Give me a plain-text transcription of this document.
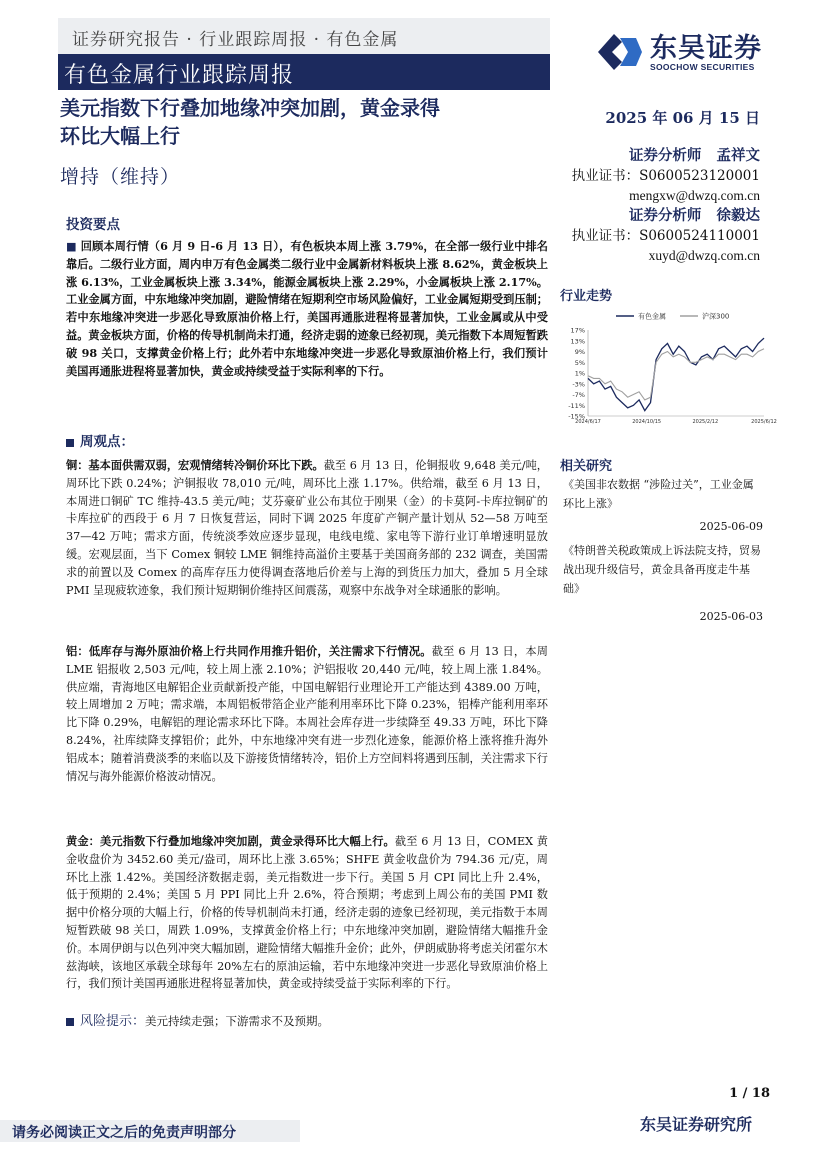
证券研究报告 · 行业跟踪周报 · 有色金属
有色金属行业跟踪周报
东吴证券
SOOCHOW SECURITIES
美元指数下行叠加地缘冲突加剧，黄金录得
环比大幅上行
增持（维持）
2025 年 06 月 15 日
证券分析师 孟祥文
执业证书：S0600523120001
mengxw@dwzq.com.cn
证券分析师 徐毅达
执业证书：S0600524110001
xuyd@dwzq.com.cn
投资要点
■ 回顾本周行情（6 月 9 日-6 月 13 日），有色板块本周上涨 3.79%，在全部一级行业中排名靠后。二级行业方面，周内申万有色金属类二级行业中金属新材料板块上涨 8.62%，黄金板块上涨 6.13%，工业金属板块上涨 3.34%，能源金属板块上涨 2.29%，小金属板块上涨 2.17%。工业金属方面，中东地缘冲突加剧，避险情绪在短期利空市场风险偏好，工业金属短期受到压制；若中东地缘冲突进一步恶化导致原油价格上行，美国再通胀进程将显著加快，工业金属或从中受益。黄金板块方面，价格的传导机制尚未打通，经济走弱的迹象已经初现，美元指数下本周短暂跌破 98 关口，支撑黄金价格上行；此外若中东地缘冲突进一步恶化导致原油价格上行，我们预计美国再通胀进程将显著加快，黄金或持续受益于实际利率的下行。
周观点：
铜：基本面供需双弱，宏观情绪转冷铜价环比下跌。截至 6 月 13 日，伦铜报收 9,648 美元/吨，周环比下跌 0.24%；沪铜报收 78,010 元/吨，周环比上涨 1.17%。供给端，截至 6 月 13 日，本周进口铜矿 TC 维持-43.5 美元/吨；艾芬豪矿业公布其位于刚果（金）的卡莫阿-卡库拉铜矿的卡库拉矿的西段于 6 月 7 日恢复营运，同时下调 2025 年度矿产铜产量计划从 52—58 万吨至 37—42 万吨；需求方面，传统淡季效应逐步显现，电线电缆、家电等下游行业订单增速明显放缓。宏观层面，当下 Comex 铜较 LME 铜维持高溢价主要基于美国商务部的 232 调查，美国需求的前置以及 Comex 的高库存压力使得调查落地后价差与上海的到货压力加大，叠加 5 月全球 PMI 呈现疲软迹象，我们预计短期铜价维持区间震荡，观察中东战争对全球通胀的影响。
铝：低库存与海外原油价格上行共同作用推升铝价，关注需求下行情况。截至 6 月 13 日，本周 LME 铝报收 2,503 元/吨，较上周上涨 2.10%；沪铝报收 20,440 元/吨，较上周上涨 1.84%。供应端，青海地区电解铝企业贡献新投产能，中国电解铝行业理论开工产能达到 4389.00 万吨，较上周增加 2 万吨；需求端，本周铝板带箔企业产能利用率环比下降 0.23%，铝棒产能利用率环比下降 0.29%，电解铝的理论需求环比下降。本周社会库存进一步续降至 49.33 万吨，环比下降 8.24%，社库续降支撑铝价；此外，中东地缘冲突有进一步烈化迹象，能源价格上涨将推升海外铝成本；随着消费淡季的来临以及下游接货情绪转冷，铝价上方空间料将遇到压制，关注需求下行情况与海外能源价格波动情况。
黄金：美元指数下行叠加地缘冲突加剧，黄金录得环比大幅上行。截至 6 月 13 日，COMEX 黄金收盘价为 3452.60 美元/盎司，周环比上涨 3.65%；SHFE 黄金收盘价为 794.36 元/克，周环比上涨 1.42%。美国经济数据走弱，美元指数进一步下行。美国 5 月 CPI 同比上升 2.4%，低于预期的 2.4%；美国 5 月 PPI 同比上升 2.6%，符合预期；考虑到上周公布的美国 PMI 数据中价格分项的大幅上行，价格的传导机制尚未打通，经济走弱的迹象已经初现，美元指数于本周短暂跌破 98 关口，周跌 1.09%，支撑黄金价格上行；中东地缘冲突加剧，避险情绪大幅推升金价。本周伊朗与以色列冲突大幅加剧，避险情绪大幅推升金价；此外，伊朗威胁将考虑关闭霍尔木兹海峡，该地区承载全球每年 20%左右的原油运输，若中东地缘冲突进一步恶化导致原油价格上行，我们预计美国再通胀进程将显著加快，黄金或持续受益于实际利率的下行。
风险提示：美元持续走强；下游需求不及预期。
行业走势
17%
13%
9%
5%
1%
-3%
-7%
-11%
-15%
2024/6/17	2024/10/15	2025/2/12	2025/6/12
有色金属	沪深300
相关研究
《美国非农数据 “涉险过关”，工业金属环比上涨》
2025-06-09
《特朗普关税政策成上诉法院支持，贸易战出现升级信号，黄金具备再度走牛基础》
2025-06-03
1 / 18
请务必阅读正文之后的免责声明部分	东吴证券研究所
